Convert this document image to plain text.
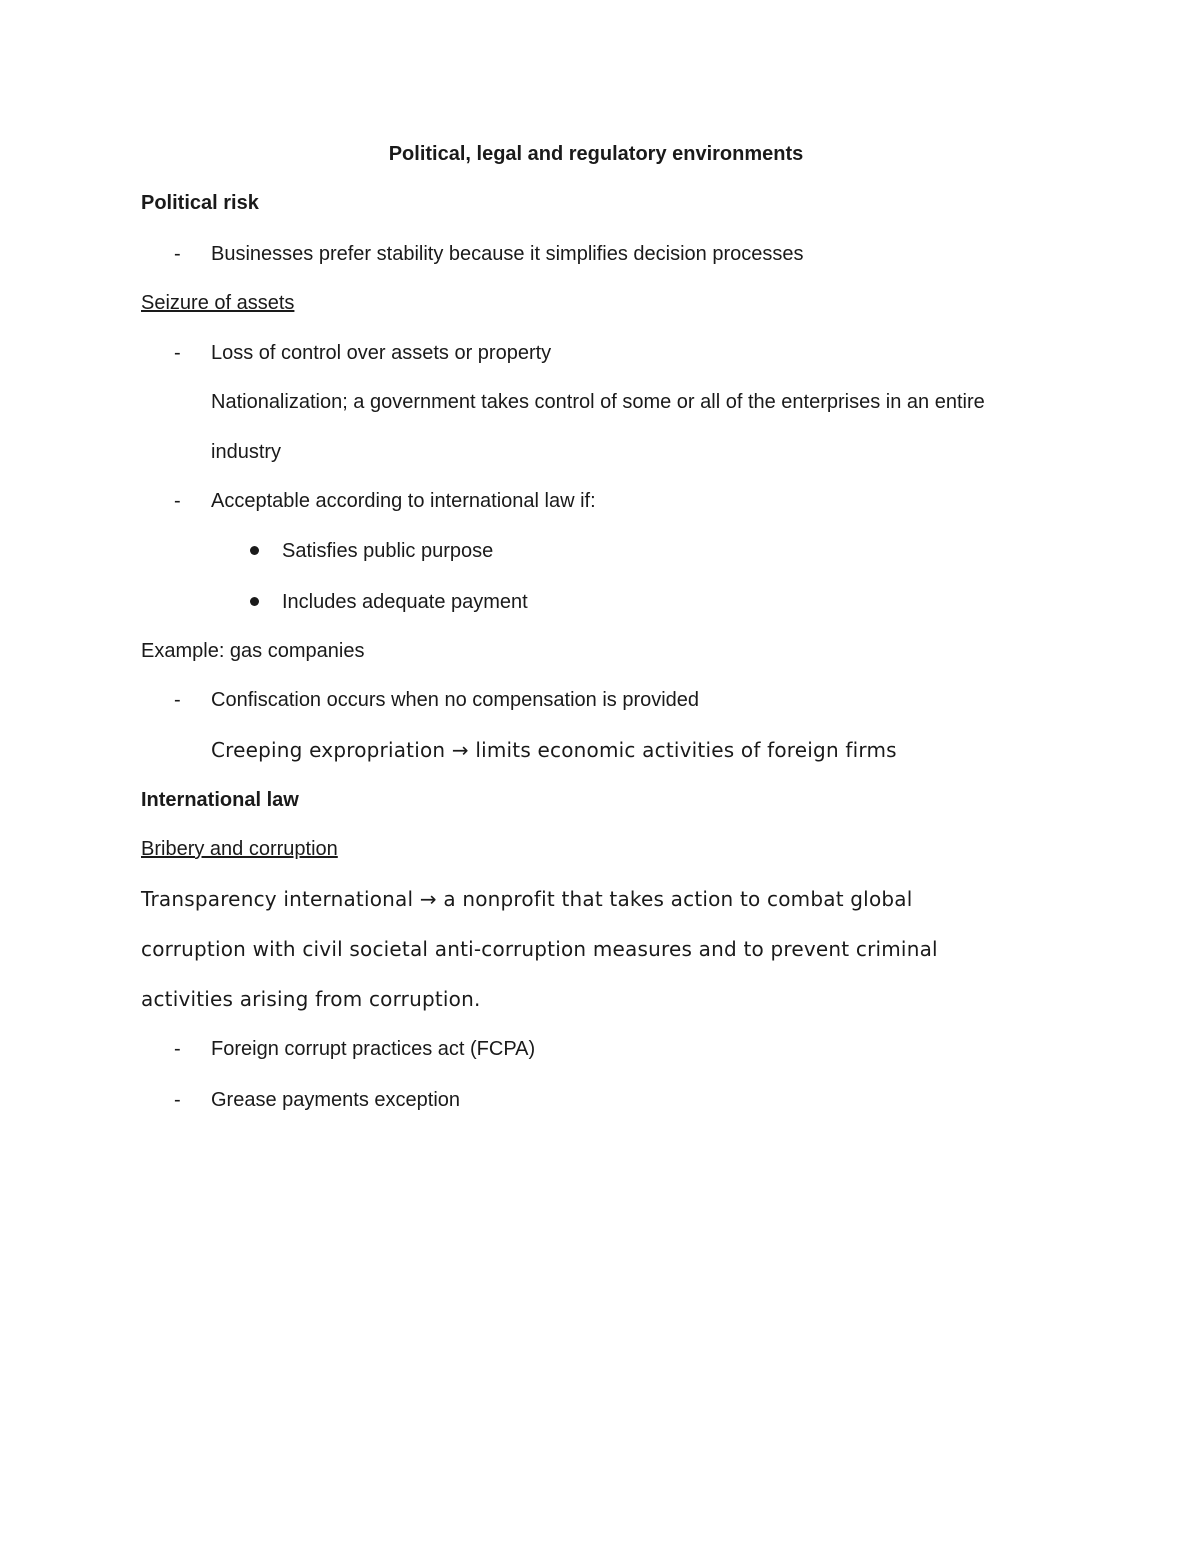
Political, legal and regulatory environments
Political risk
- Businesses prefer stability because it simplifies decision processes
Seizure of assets
- Loss of control over assets or property
Nationalization; a government takes control of some or all of the enterprises in an entire
industry
- Acceptable according to international law if:
Satisfies public purpose
Includes adequate payment
Example: gas companies
- Confiscation occurs when no compensation is provided
Creeping expropriation → limits economic activities of foreign firms
International law
Bribery and corruption
Transparency international → a nonprofit that takes action to combat global
corruption with civil societal anti-corruption measures and to prevent criminal
activities arising from corruption.
- Foreign corrupt practices act (FCPA)
- Grease payments exception
